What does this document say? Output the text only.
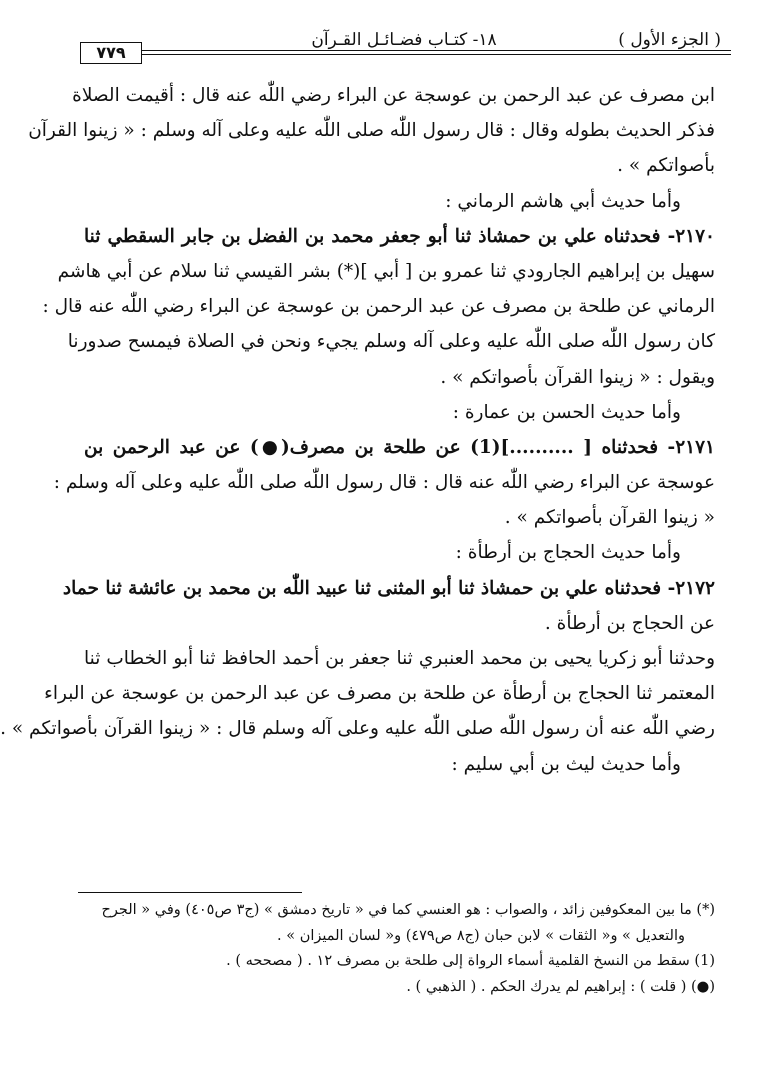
( الجزء الأول )
١٨- كتـاب فضـائـل القـرآن
٧٧٩
ابن مصرف عن عبد الرحمن بن عوسجة عن البراء رضي اللّٰه عنه قال : أقيمت الصلاة
فذكر الحديث بطوله وقال : قال رسول اللّٰه صلى اللّٰه عليه وعلى آله وسلم : « زينوا القرآن
بأصواتكم » .
وأما حديث أبي هاشم الرماني :
٢١٧٠- فحدثناه علي بن حمشاذ ثنا أبو جعفر محمد بن الفضل بن جابر السقطي ثنا
سهيل بن إبراهيم الجارودي ثنا عمرو بن [ أبي ](*) بشر القيسي ثنا سلام عن أبي هاشم
الرماني عن طلحة بن مصرف عن عبد الرحمن بن عوسجة عن البراء رضي اللّٰه عنه قال :
كان رسول اللّٰه صلى اللّٰه عليه وعلى آله وسلم يجيء ونحن في الصلاة فيمسح صدورنا
ويقول : « زينوا القرآن بأصواتكم » .
وأما حديث الحسن بن عمارة :
٢١٧١- فحدثناه [ ..........](1) عن طلحة بن مصرف(●) عن عبد الرحمن بن
عوسجة عن البراء رضي اللّٰه عنه قال : قال رسول اللّٰه صلى اللّٰه عليه وعلى آله وسلم :
« زينوا القرآن بأصواتكم » .
وأما حديث الحجاج بن أرطأة :
٢١٧٢- فحدثناه علي بن حمشاذ ثنا أبو المثنى ثنا عبيد اللّٰه بن محمد بن عائشة ثنا حماد
عن الحجاج بن أرطأة .
وحدثنا أبو زكريا يحيى بن محمد العنبري ثنا جعفر بن أحمد الحافظ ثنا أبو الخطاب ثنا
المعتمر ثنا الحجاج بن أرطأة عن طلحة بن مصرف عن عبد الرحمن بن عوسجة عن البراء
رضي اللّٰه عنه أن رسول اللّٰه صلى اللّٰه عليه وعلى آله وسلم قال : « زينوا القرآن بأصواتكم » .
وأما حديث ليث بن أبي سليم :
(*) ما بين المعكوفين زائد ، والصواب : هو العنسي كما في « تاريخ دمشق » (ج٣ ص٤٠٥) وفي « الجرح
والتعديل » و« الثقات » لابن حبان (ج٨ ص٤٧٩) و« لسان الميزان » .
(1) سقط من النسخ القلمية أسماء الرواة إلى طلحة بن مصرف ١٢ . ( مصححه ) .
(●) ( قلت ) : إبراهيم لم يدرك الحكم . ( الذهبي ) .
